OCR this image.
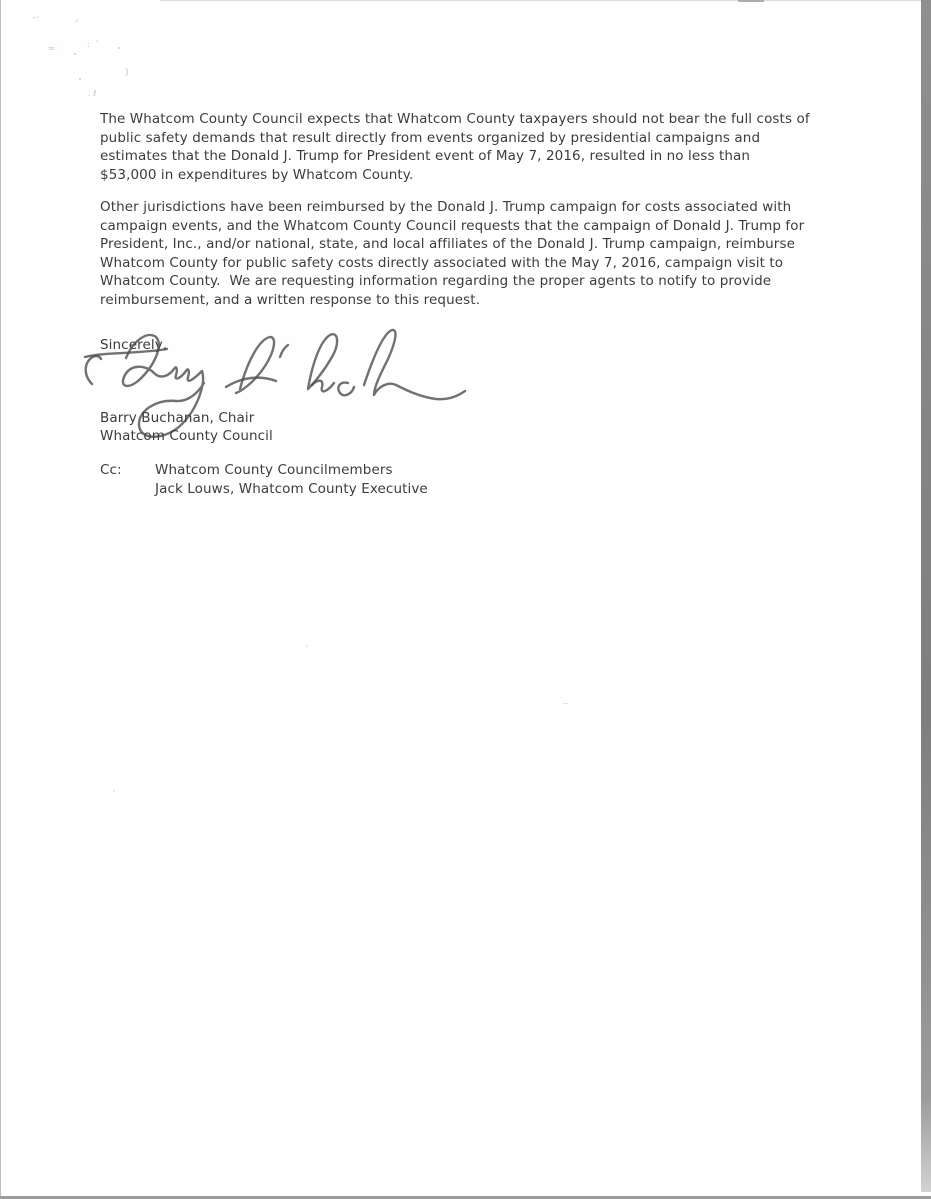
‐·	ᴬ
≈·	: '
)
. ℓ
The Whatcom County Council expects that Whatcom County taxpayers should not bear the full costs of
public safety demands that result directly from events organized by presidential campaigns and
estimates that the Donald J. Trump for President event of May 7, 2016, resulted in no less than
$53,000 in expenditures by Whatcom County.
Other jurisdictions have been reimbursed by the Donald J. Trump campaign for costs associated with
campaign events, and the Whatcom County Council requests that the campaign of Donald J. Trump for
President, Inc., and/or national, state, and local affiliates of the Donald J. Trump campaign, reimburse
Whatcom County for public safety costs directly associated with the May 7, 2016, campaign visit to
Whatcom County.  We are requesting information regarding the proper agents to notify to provide
reimbursement, and a written response to this request.
Sincerely,
Barry Buchanan, Chair
Whatcom County Council
Cc: Whatcom County Councilmembers
Jack Louws, Whatcom County Executive
